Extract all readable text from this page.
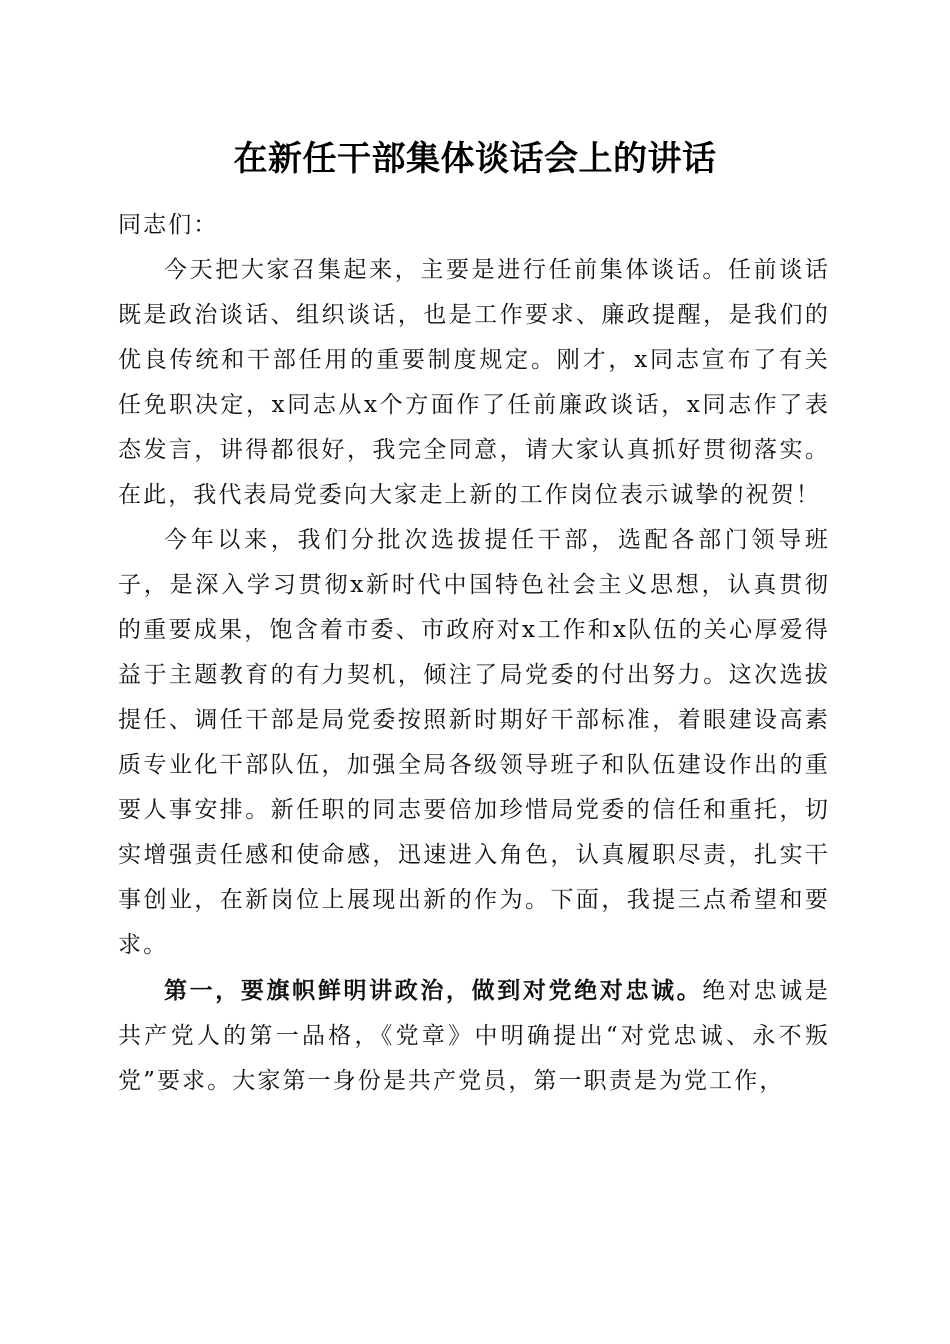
在新任干部集体谈话会上的讲话

同志们：

今天把大家召集起来，主要是进行任前集体谈话。任前谈话既是政治谈话、组织谈话，也是工作要求、廉政提醒，是我们的优良传统和干部任用的重要制度规定。刚才，x同志宣布了有关任免职决定，x同志从x个方面作了任前廉政谈话，x同志作了表态发言，讲得都很好，我完全同意，请大家认真抓好贯彻落实。在此，我代表局党委向大家走上新的工作岗位表示诚挚的祝贺！

今年以来，我们分批次选拔提任干部，选配各部门领导班子，是深入学习贯彻x新时代中国特色社会主义思想，认真贯彻的重要成果，饱含着市委、市政府对x工作和x队伍的关心厚爱得益于主题教育的有力契机，倾注了局党委的付出努力。这次选拔提任、调任干部是局党委按照新时期好干部标准，着眼建设高素质专业化干部队伍，加强全局各级领导班子和队伍建设作出的重要人事安排。新任职的同志要倍加珍惜局党委的信任和重托，切实增强责任感和使命感，迅速进入角色，认真履职尽责，扎实干事创业，在新岗位上展现出新的作为。下面，我提三点希望和要求。

第一，要旗帜鲜明讲政治，做到对党绝对忠诚。绝对忠诚是共产党人的第一品格，《党章》中明确提出“对党忠诚、永不叛党”要求。大家第一身份是共产党员，第一职责是为党工作，
